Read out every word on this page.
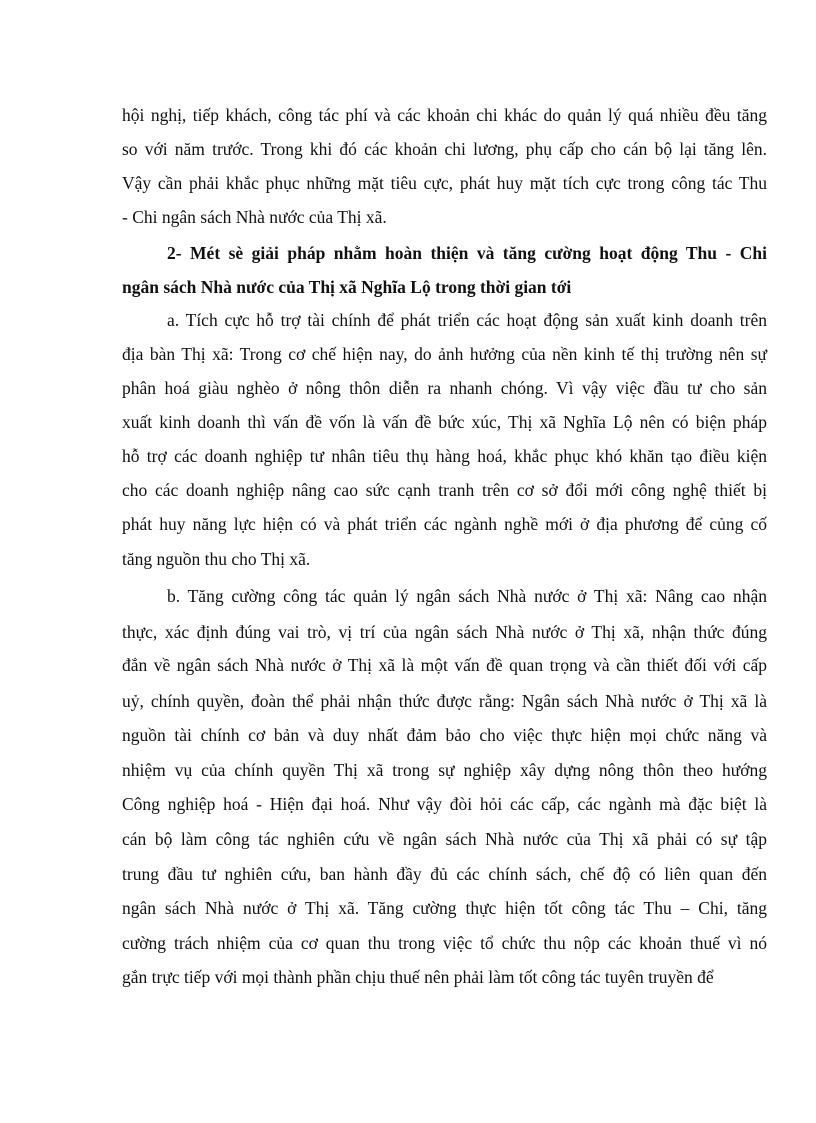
hội nghị, tiếp khách, công tác phí và các khoản chi khác do quản lý quá nhiều đều tăng
so với năm trước. Trong khi đó các khoản chi lương, phụ cấp cho cán bộ lại tăng lên.
Vậy cần phải khắc phục những mặt tiêu cực, phát huy mặt tích cực trong công tác Thu
- Chi ngân sách Nhà nước của Thị xã.
2- Mét sè giải pháp nhằm hoàn thiện và tăng cường hoạt động Thu - Chi
ngân sách Nhà nước của Thị xã Nghĩa Lộ trong thời gian tới
a. Tích cực hỗ trợ tài chính để phát triển các hoạt động sản xuất kinh doanh trên
địa bàn Thị xã: Trong cơ chế hiện nay, do ảnh hưởng của nền kinh tế thị trường nên sự
phân hoá giàu nghèo ở nông thôn diễn ra nhanh chóng. Vì vậy việc đầu tư cho sản
xuất kinh doanh thì vấn đề vốn là vấn đề bức xúc, Thị xã Nghĩa Lộ nên có biện pháp
hỗ trợ các doanh nghiệp tư nhân tiêu thụ hàng hoá, khắc phục khó khăn tạo điều kiện
cho các doanh nghiệp nâng cao sức cạnh tranh trên cơ sở đổi mới công nghệ thiết bị
phát huy năng lực hiện có và phát triển các ngành nghề mới ở địa phương để củng cố
tăng nguồn thu cho Thị xã.
b. Tăng cường công tác quản lý ngân sách Nhà nước ở Thị xã: Nâng cao nhận
thực, xác định đúng vai trò, vị trí của ngân sách Nhà nước ở Thị xã, nhận thức đúng
đắn về ngân sách Nhà nước ở Thị xã là một vấn đề quan trọng và cần thiết đối với cấp
uỷ, chính quyền, đoàn thể phải nhận thức được rằng: Ngân sách Nhà nước ở Thị xã là
nguồn tài chính cơ bản và duy nhất đảm bảo cho việc thực hiện mọi chức năng và
nhiệm vụ của chính quyền Thị xã trong sự nghiệp xây dựng nông thôn theo hướng
Công nghiệp hoá - Hiện đại hoá. Như vậy đòi hỏi các cấp, các ngành mà đặc biệt là
cán bộ làm công tác nghiên cứu về ngân sách Nhà nước của Thị xã phải có sự tập
trung đầu tư nghiên cứu, ban hành đầy đủ các chính sách, chế độ có liên quan đến
ngân sách Nhà nước ở Thị xã. Tăng cường thực hiện tốt công tác Thu – Chi, tăng
cường trách nhiệm của cơ quan thu trong việc tổ chức thu nộp các khoản thuế vì nó
gắn trực tiếp với mọi thành phần chịu thuế nên phải làm tốt công tác tuyên truyền để
